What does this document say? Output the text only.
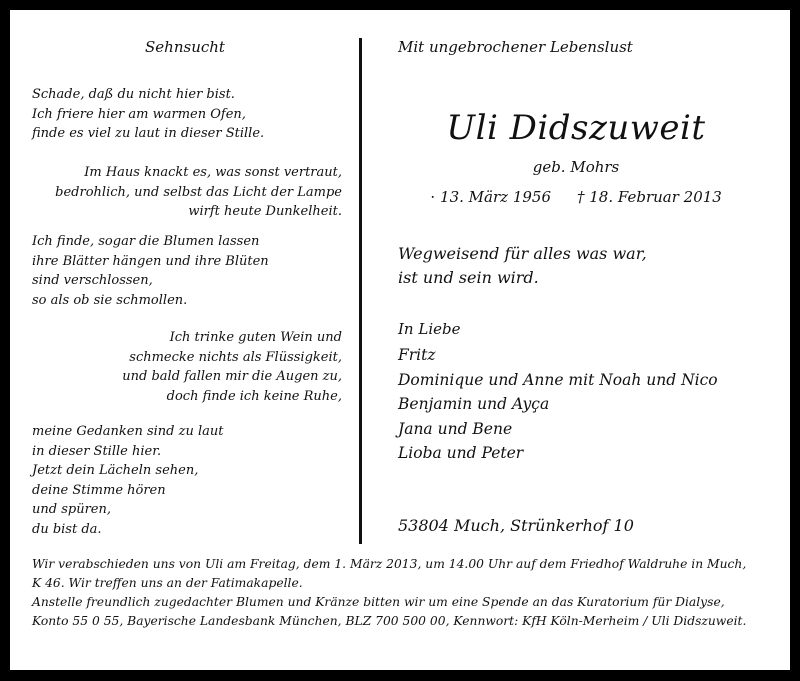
Sehnsucht
Schade, daß du nicht hier bist.
Ich friere hier am warmen Ofen,
finde es viel zu laut in dieser Stille.
Im Haus knackt es, was sonst vertraut,
bedrohlich, und selbst das Licht der Lampe
wirft heute Dunkelheit.
Ich finde, sogar die Blumen lassen
ihre Blätter hängen und ihre Blüten
sind verschlossen,
so als ob sie schmollen.
Ich trinke guten Wein und
schmecke nichts als Flüssigkeit,
und bald fallen mir die Augen zu,
doch finde ich keine Ruhe,
meine Gedanken sind zu laut
in dieser Stille hier.
Jetzt dein Lächeln sehen,
deine Stimme hören
und spüren,
du bist da.
Mit ungebrochener Lebenslust
Uli Didszuweit
geb. Mohrs
⋅ 13. März 1956 † 18. Februar 2013
Wegweisend für alles was war,
ist und sein wird.
In Liebe
Fritz
Dominique und Anne mit Noah und Nico
Benjamin und Ayça
Jana und Bene
Lioba und Peter
53804 Much, Strünkerhof 10
Wir verabschieden uns von Uli am Freitag, dem 1. März 2013, um 14.00 Uhr auf dem Friedhof Waldruhe in Much,
K 46. Wir treffen uns an der Fatimakapelle.
Anstelle freundlich zugedachter Blumen und Kränze bitten wir um eine Spende an das Kuratorium für Dialyse,
Konto 55 0 55, Bayerische Landesbank München, BLZ 700 500 00, Kennwort: KfH Köln-Merheim / Uli Didszuweit.
